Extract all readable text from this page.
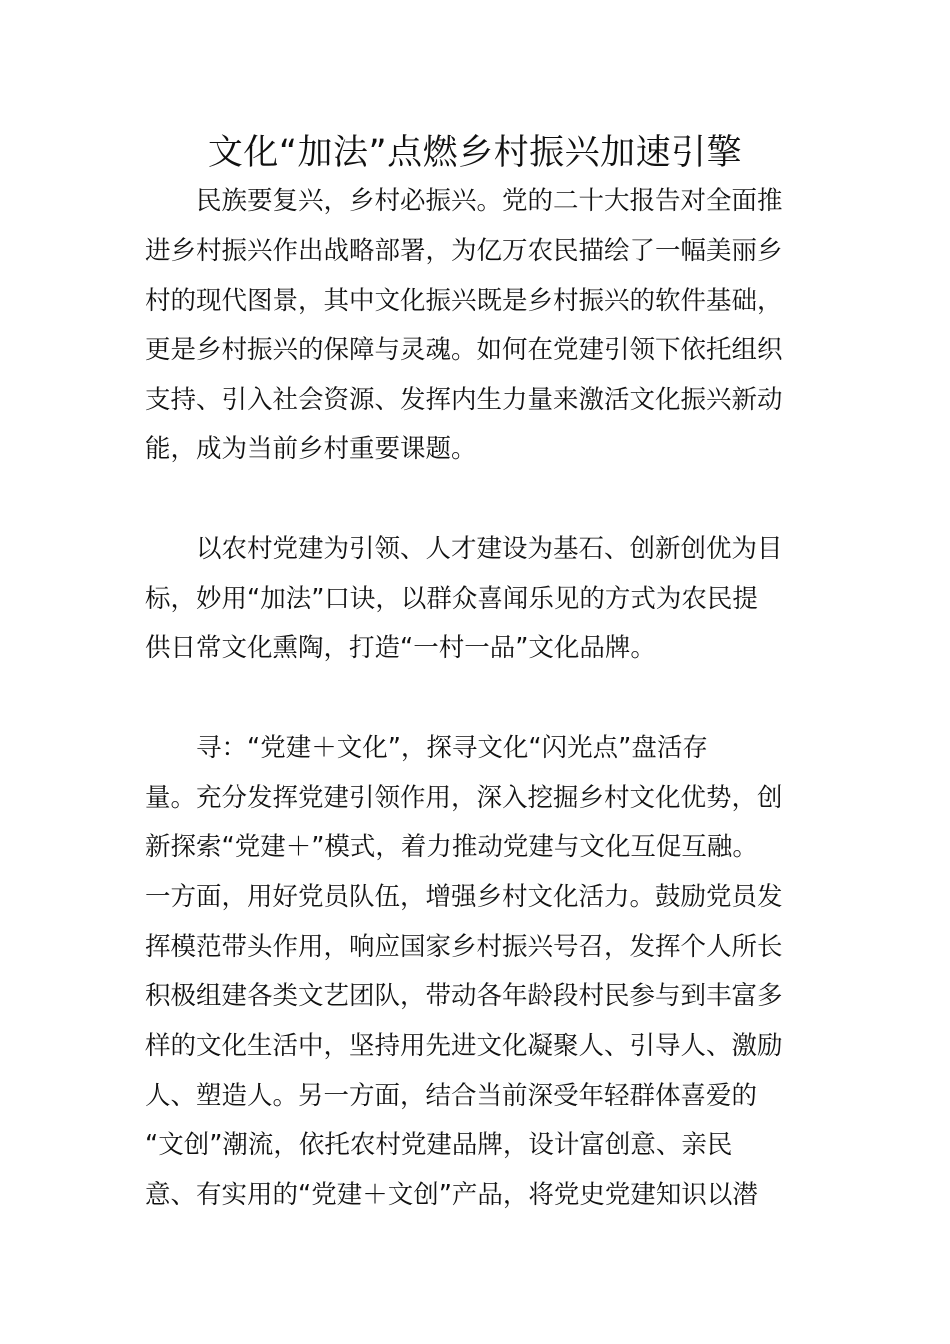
文化“加法”点燃乡村振兴加速引擎
民族要复兴，乡村必振兴。党的二十大报告对全面推
进乡村振兴作出战略部署，为亿万农民描绘了一幅美丽乡
村的现代图景，其中文化振兴既是乡村振兴的软件基础，
更是乡村振兴的保障与灵魂。如何在党建引领下依托组织
支持、引入社会资源、发挥内生力量来激活文化振兴新动
能，成为当前乡村重要课题。
以农村党建为引领、人才建设为基石、创新创优为目
标，妙用“加法”口诀，以群众喜闻乐见的方式为农民提
供日常文化熏陶，打造“一村一品”文化品牌。
寻：“党建＋文化”，探寻文化“闪光点”盘活存
量。充分发挥党建引领作用，深入挖掘乡村文化优势，创
新探索“党建＋”模式，着力推动党建与文化互促互融。
一方面，用好党员队伍，增强乡村文化活力。鼓励党员发
挥模范带头作用，响应国家乡村振兴号召，发挥个人所长
积极组建各类文艺团队，带动各年龄段村民参与到丰富多
样的文化生活中，坚持用先进文化凝聚人、引导人、激励
人、塑造人。另一方面，结合当前深受年轻群体喜爱的
“文创”潮流，依托农村党建品牌，设计富创意、亲民
意、有实用的“党建＋文创”产品，将党史党建知识以潜
